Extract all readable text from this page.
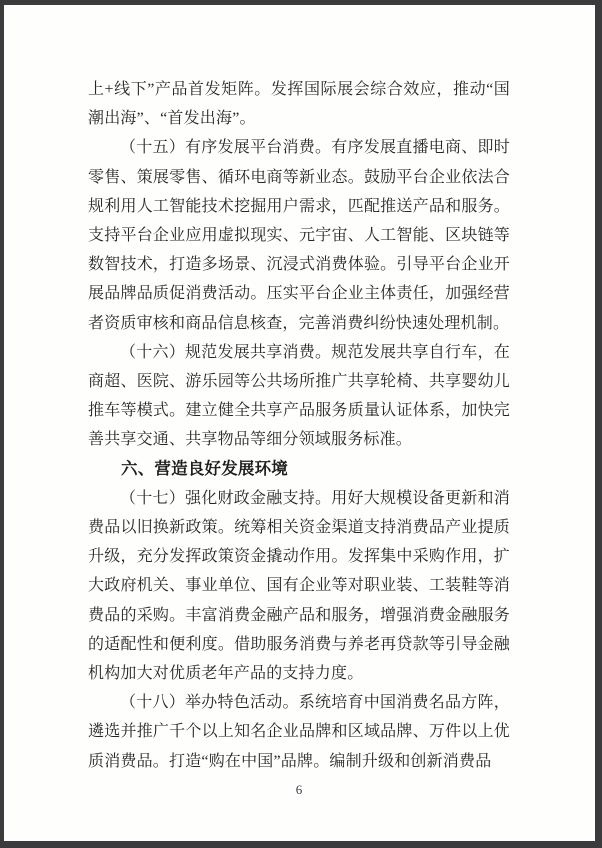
上+线下”产品首发矩阵。发挥国际展会综合效应，推动“国潮出海”、“首发出海”。

（十五）有序发展平台消费。有序发展直播电商、即时零售、策展零售、循环电商等新业态。鼓励平台企业依法合规利用人工智能技术挖掘用户需求，匹配推送产品和服务。支持平台企业应用虚拟现实、元宇宙、人工智能、区块链等数智技术，打造多场景、沉浸式消费体验。引导平台企业开展品牌品质促消费活动。压实平台企业主体责任，加强经营者资质审核和商品信息核查，完善消费纠纷快速处理机制。

（十六）规范发展共享消费。规范发展共享自行车，在商超、医院、游乐园等公共场所推广共享轮椅、共享婴幼儿推车等模式。建立健全共享产品服务质量认证体系，加快完善共享交通、共享物品等细分领域服务标准。

六、营造良好发展环境

（十七）强化财政金融支持。用好大规模设备更新和消费品以旧换新政策。统筹相关资金渠道支持消费品产业提质升级，充分发挥政策资金撬动作用。发挥集中采购作用，扩大政府机关、事业单位、国有企业等对职业装、工装鞋等消费品的采购。丰富消费金融产品和服务，增强消费金融服务的适配性和便利度。借助服务消费与养老再贷款等引导金融机构加大对优质老年产品的支持力度。

（十八）举办特色活动。系统培育中国消费名品方阵，遴选并推广千个以上知名企业品牌和区域品牌、万件以上优质消费品。打造“购在中国”品牌。编制升级和创新消费品

6
